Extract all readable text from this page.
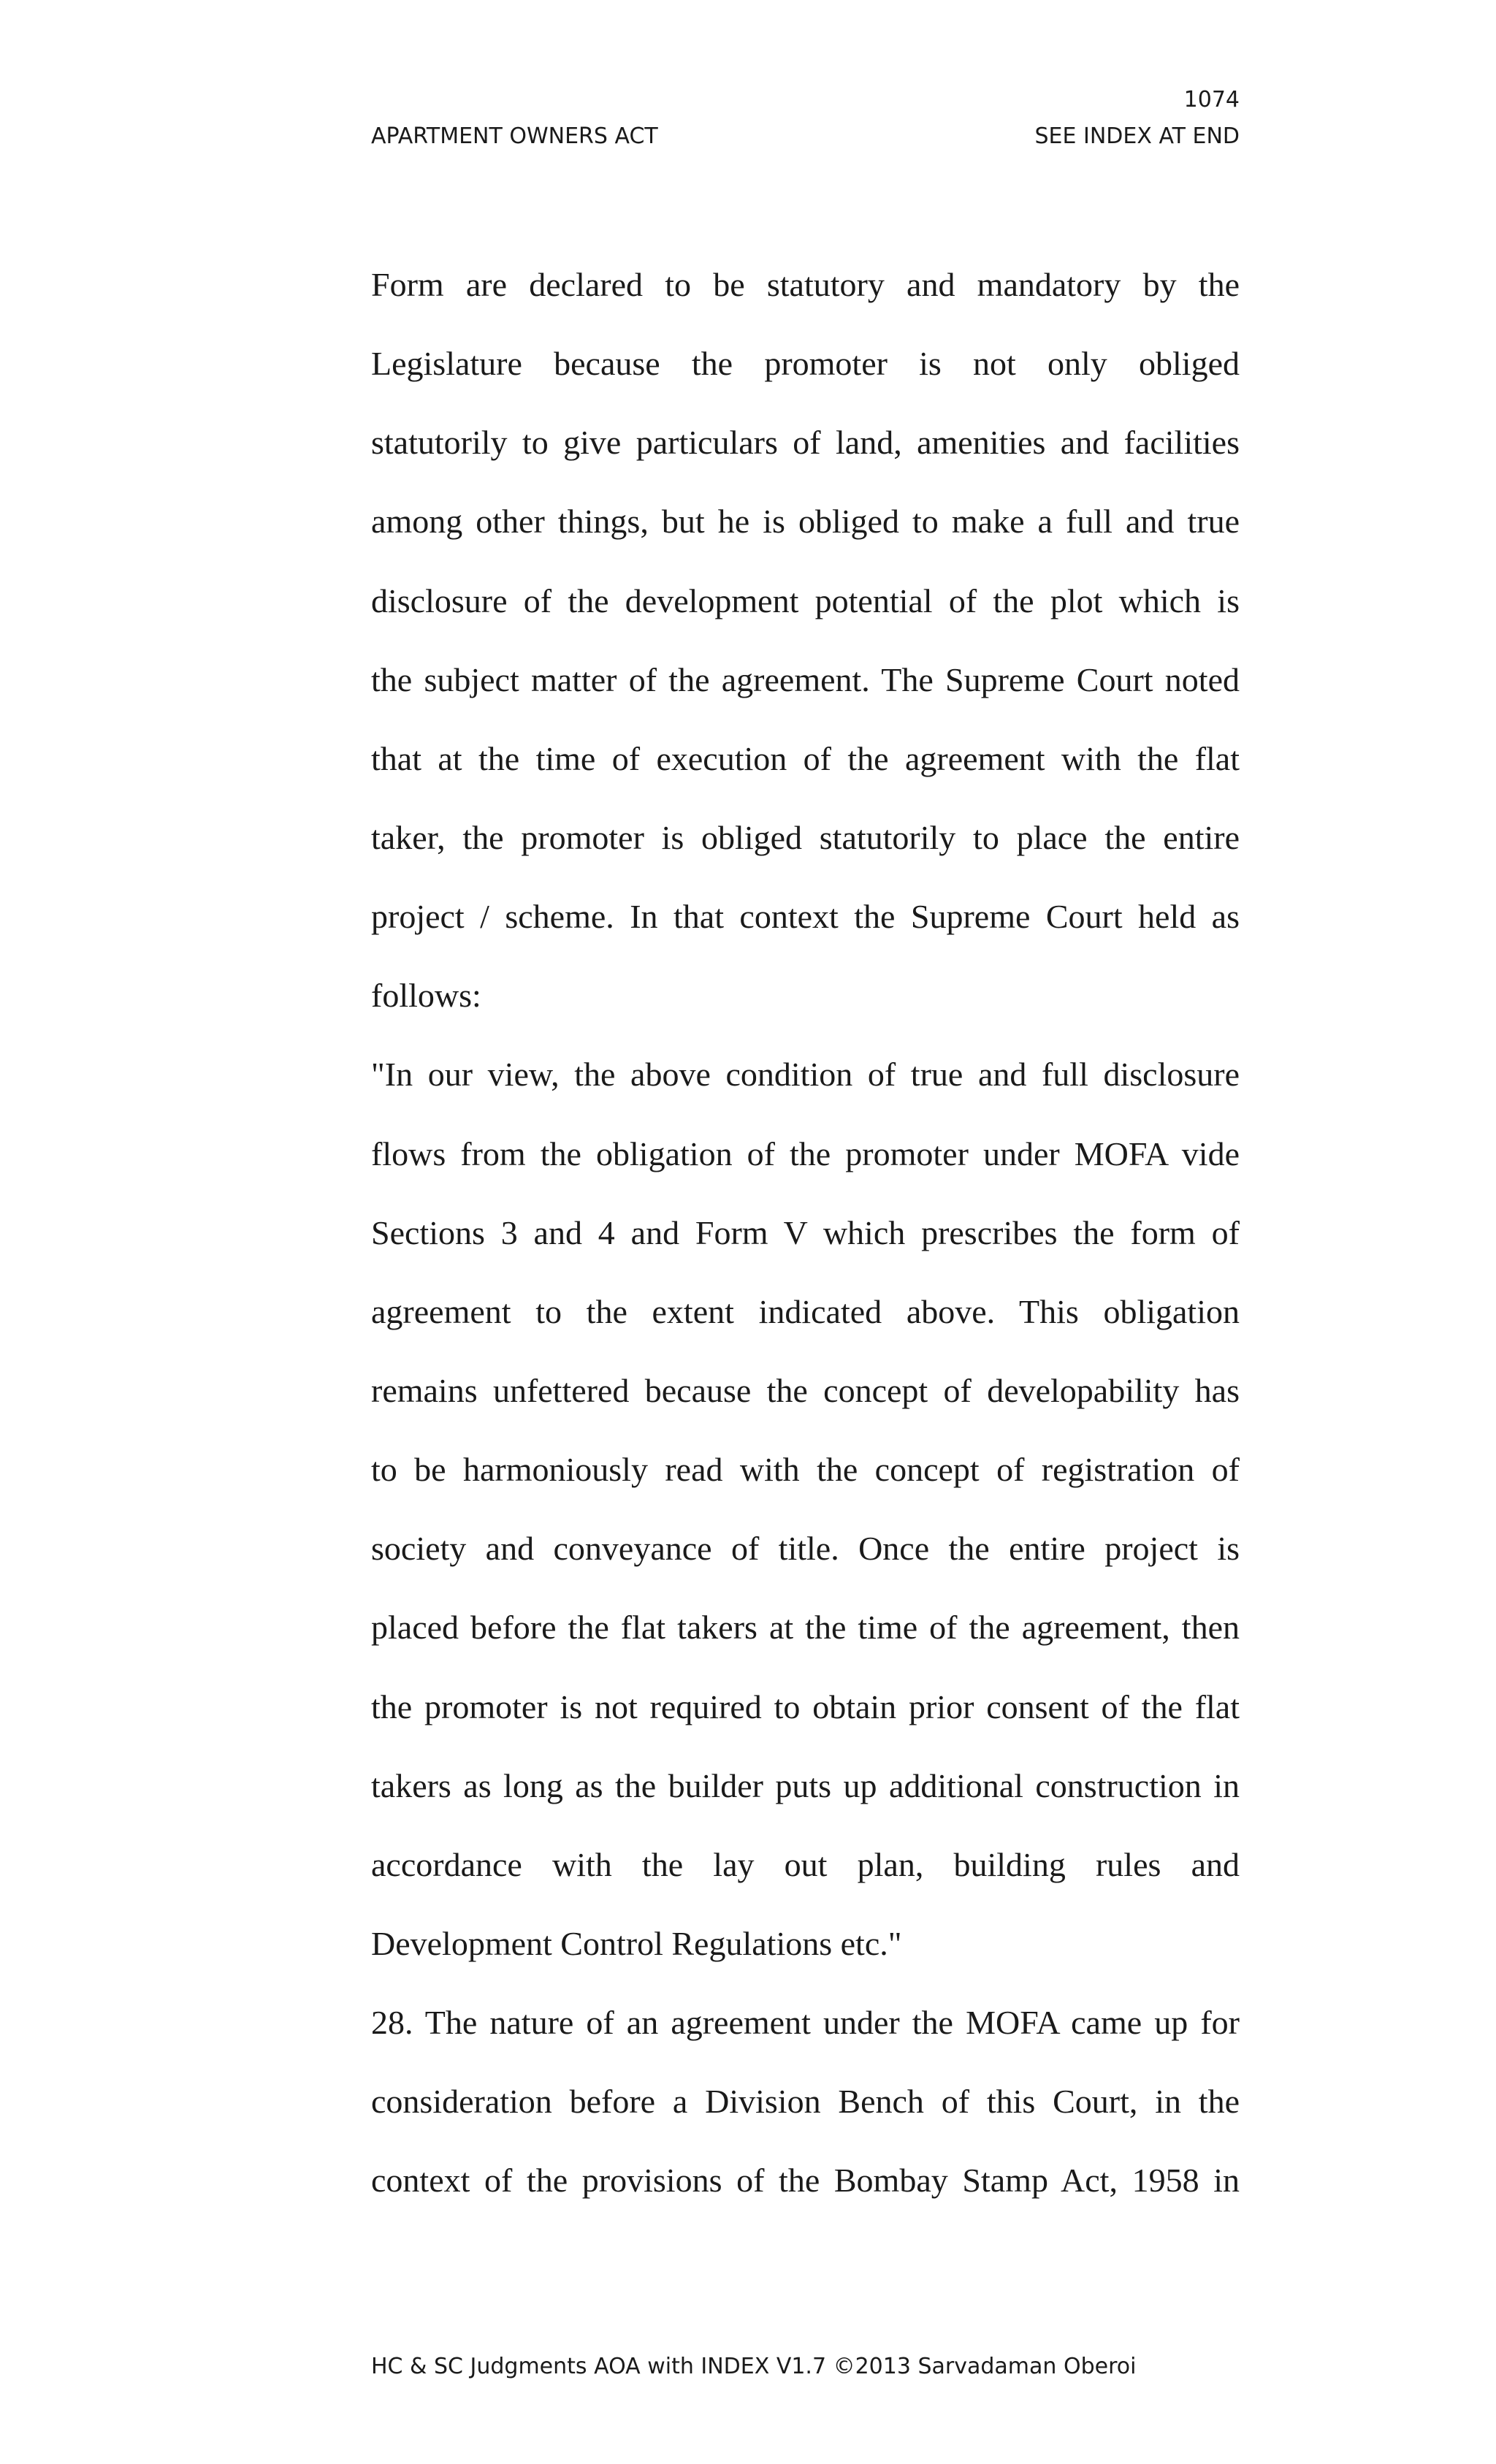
1074
APARTMENT OWNERS ACT	SEE INDEX AT END
Form are declared to be statutory and mandatory by the
Legislature because the promoter is not only obliged
statutorily to give particulars of land, amenities and facilities
among other things, but he is obliged to make a full and true
disclosure of the development potential of the plot which is
the subject matter of the agreement. The Supreme Court noted
that at the time of execution of the agreement with the flat
taker, the promoter is obliged statutorily to place the entire
project / scheme. In that context the Supreme Court held as
follows:
"In our view, the above condition of true and full disclosure
flows from the obligation of the promoter under MOFA vide
Sections 3 and 4 and Form V which prescribes the form of
agreement to the extent indicated above. This obligation
remains unfettered because the concept of developability has
to be harmoniously read with the concept of registration of
society and conveyance of title. Once the entire project is
placed before the flat takers at the time of the agreement, then
the promoter is not required to obtain prior consent of the flat
takers as long as the builder puts up additional construction in
accordance with the lay out plan, building rules and
Development Control Regulations etc."
28. The nature of an agreement under the MOFA came up for
consideration before a Division Bench of this Court, in the
context of the provisions of the Bombay Stamp Act, 1958 in
HC & SC Judgments AOA with INDEX V1.7 ©2013 Sarvadaman Oberoi
